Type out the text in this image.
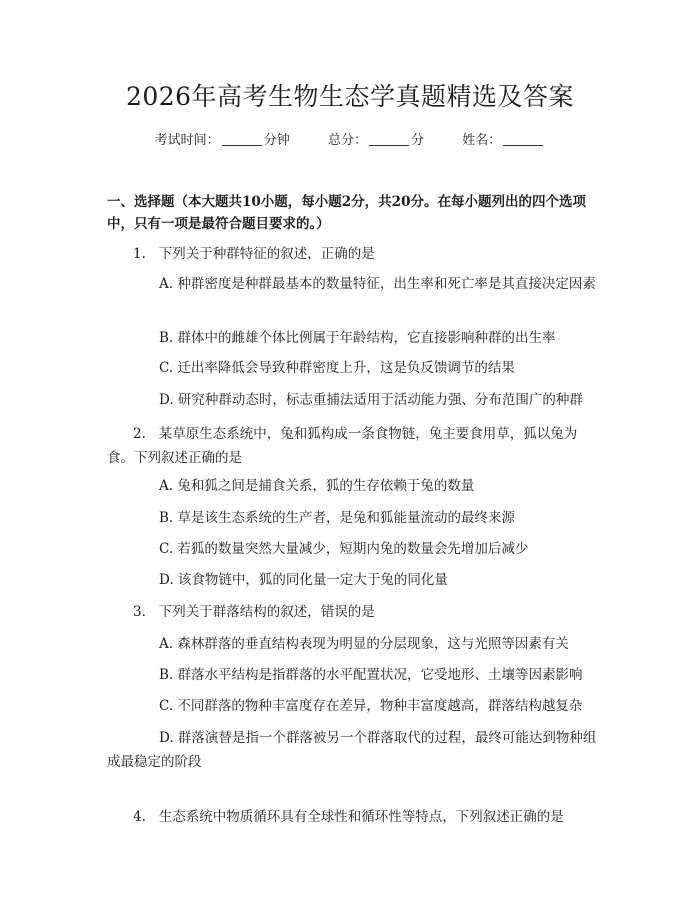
2026年高考生物生态学真题精选及答案
考试时间：	分钟	总分：	分	姓名：
一、选择题（本大题共10小题，每小题2分，共20分。在每小题列出的四个选项中，只有一项是最符合题目要求的。）
1. 下列关于种群特征的叙述，正确的是
A. 种群密度是种群最基本的数量特征，出生率和死亡率是其直接决定因素
B. 群体中的雌雄个体比例属于年龄结构，它直接影响种群的出生率
C. 迁出率降低会导致种群密度上升，这是负反馈调节的结果
D. 研究种群动态时，标志重捕法适用于活动能力强、分布范围广的种群
2. 某草原生态系统中，兔和狐构成一条食物链，兔主要食用草，狐以兔为食。下列叙述正确的是
A. 兔和狐之间是捕食关系，狐的生存依赖于兔的数量
B. 草是该生态系统的生产者，是兔和狐能量流动的最终来源
C. 若狐的数量突然大量减少，短期内兔的数量会先增加后减少
D. 该食物链中，狐的同化量一定大于兔的同化量
3. 下列关于群落结构的叙述，错误的是
A. 森林群落的垂直结构表现为明显的分层现象，这与光照等因素有关
B. 群落水平结构是指群落的水平配置状况，它受地形、土壤等因素影响
C. 不同群落的物种丰富度存在差异，物种丰富度越高，群落结构越复杂
D. 群落演替是指一个群落被另一个群落取代的过程，最终可能达到物种组成最稳定的阶段
4. 生态系统中物质循环具有全球性和循环性等特点，下列叙述正确的是
